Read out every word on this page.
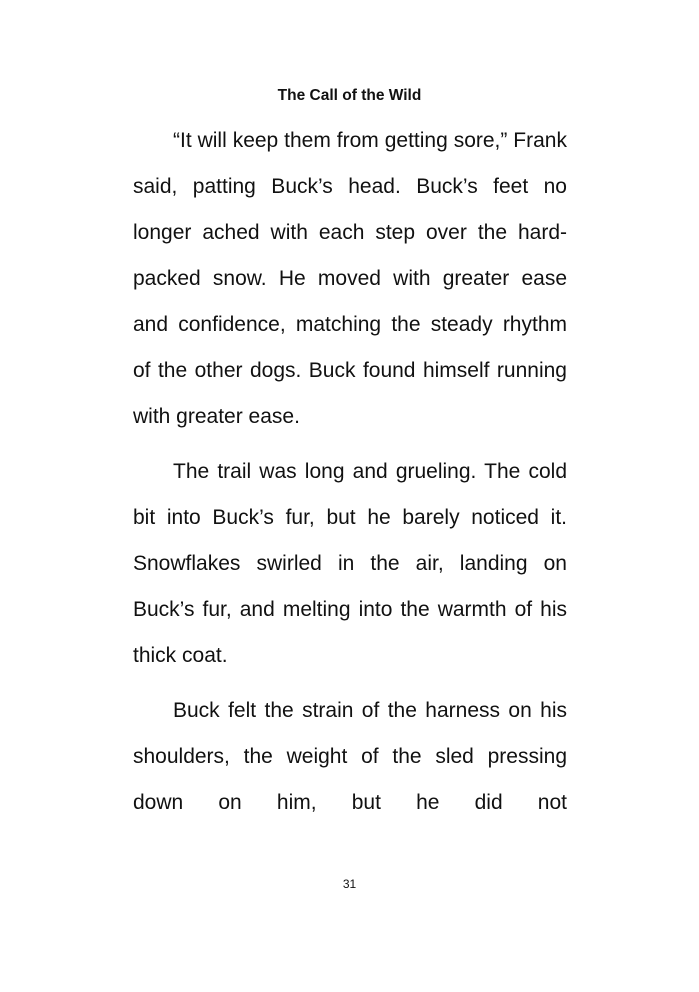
The Call of the Wild

“It will keep them from getting sore,” Frank said, patting Buck’s head. Buck’s feet no longer ached with each step over the hard-packed snow. He moved with greater ease and confidence, matching the steady rhythm of the other dogs. Buck found himself running with greater ease.

The trail was long and grueling. The cold bit into Buck’s fur, but he barely noticed it. Snowflakes swirled in the air, landing on Buck’s fur, and melting into the warmth of his thick coat.

Buck felt the strain of the harness on his shoulders, the weight of the sled pressing down on him, but he did not

31
